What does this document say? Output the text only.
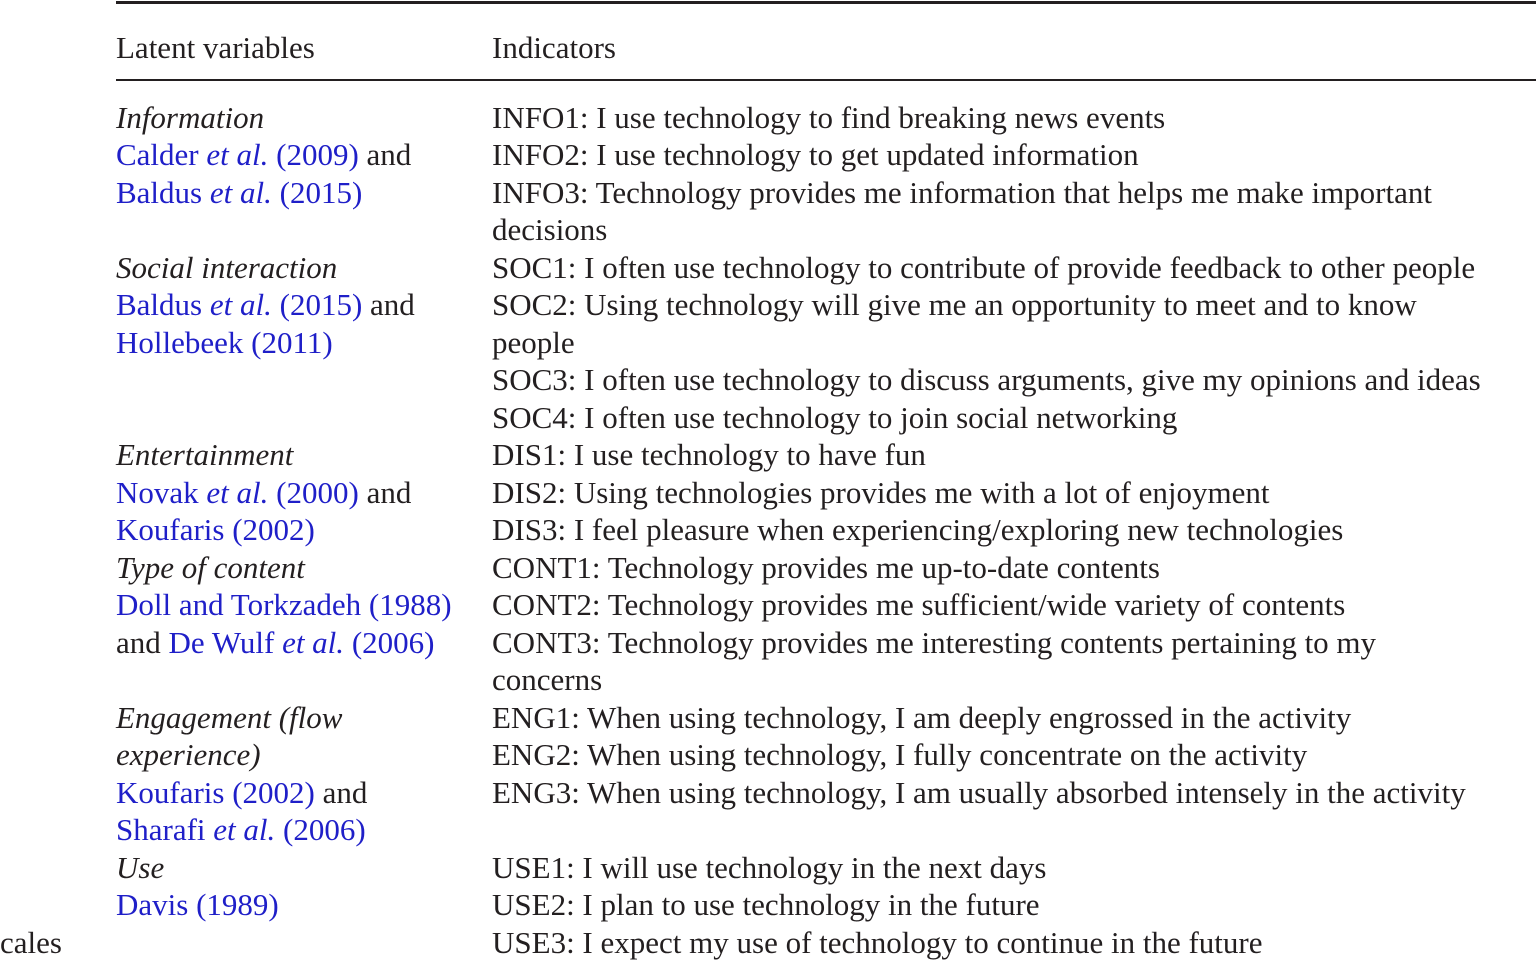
Latent variables	Indicators
Information
Calder et al. (2009) and
Baldus et al. (2015)
INFO1: I use technology to find breaking news events
INFO2: I use technology to get updated information
INFO3: Technology provides me information that helps me make important
decisions
Social interaction
Baldus et al. (2015) and
Hollebeek (2011)
SOC1: I often use technology to contribute of provide feedback to other people
SOC2: Using technology will give me an opportunity to meet and to know
people
SOC3: I often use technology to discuss arguments, give my opinions and ideas
SOC4: I often use technology to join social networking
Entertainment
Novak et al. (2000) and
Koufaris (2002)
DIS1: I use technology to have fun
DIS2: Using technologies provides me with a lot of enjoyment
DIS3: I feel pleasure when experiencing/exploring new technologies
Type of content
Doll and Torkzadeh (1988)
and De Wulf et al. (2006)
CONT1: Technology provides me up-to-date contents
CONT2: Technology provides me sufficient/wide variety of contents
CONT3: Technology provides me interesting contents pertaining to my
concerns
Engagement (flow
experience)
Koufaris (2002) and
Sharafi et al. (2006)
ENG1: When using technology, I am deeply engrossed in the activity
ENG2: When using technology, I fully concentrate on the activity
ENG3: When using technology, I am usually absorbed intensely in the activity
Use
Davis (1989)
USE1: I will use technology in the next days
USE2: I plan to use technology in the future
USE3: I expect my use of technology to continue in the future
cales
